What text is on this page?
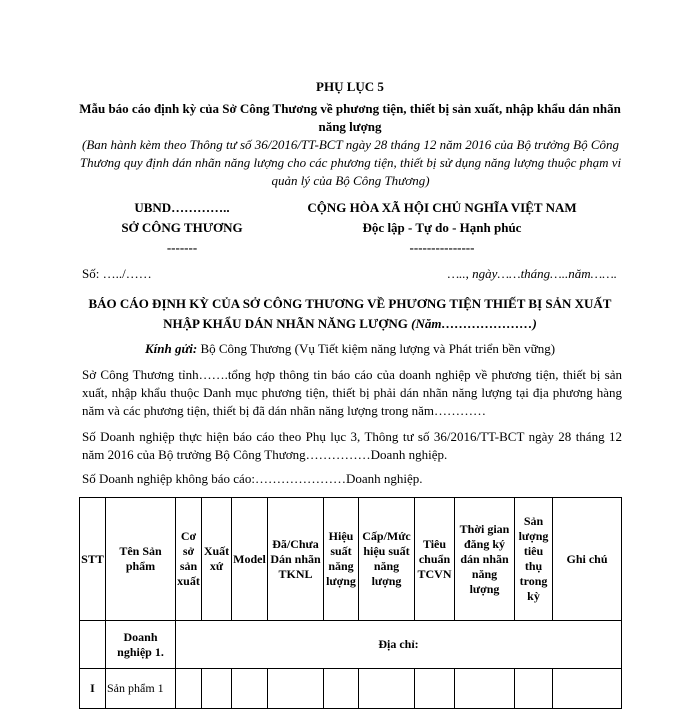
PHỤ LỤC 5
Mẫu báo cáo định kỳ của Sở Công Thương về phương tiện, thiết bị sản xuất, nhập khẩu dán nhãn năng lượng
(Ban hành kèm theo Thông tư số 36/2016/TT-BCT ngày 28 tháng 12 năm 2016 của Bộ trưởng Bộ Công Thương quy định dán nhãn năng lượng cho các phương tiện, thiết bị sử dụng năng lượng thuộc phạm vi quản lý của Bộ Công Thương)
UBND…………..
SỞ CÔNG THƯƠNG
-------
CỘNG HÒA XÃ HỘI CHỦ NGHĨA VIỆT NAM
Độc lập - Tự do - Hạnh phúc
---------------
Số: …../……	….., ngày……tháng…..năm…….
BÁO CÁO ĐỊNH KỲ CỦA SỞ CÔNG THƯƠNG VỀ PHƯƠNG TIỆN THIẾT BỊ SẢN XUẤT NHẬP KHẨU DÁN NHÃN NĂNG LƯỢNG (Năm…………………)
Kính gửi: Bộ Công Thương (Vụ Tiết kiệm năng lượng và Phát triển bền vững)
Sở Công Thương tỉnh…….tổng hợp thông tin báo cáo của doanh nghiệp về phương tiện, thiết bị sản xuất, nhập khẩu thuộc Danh mục phương tiện, thiết bị phải dán nhãn năng lượng tại địa phương hàng năm và các phương tiện, thiết bị đã dán nhãn năng lượng trong năm…………
Số Doanh nghiệp thực hiện báo cáo theo Phụ lục 3, Thông tư số 36/2016/TT-BCT ngày 28 tháng 12 năm 2016 của Bộ trưởng Bộ Công Thương……………Doanh nghiệp.
Số Doanh nghiệp không báo cáo:…………………Doanh nghiệp.
STT	Tên Sản phẩm	Cơ sở sản xuất	Xuất xứ	Model	Đã/Chưa Dán nhãn TKNL	Hiệu suất năng lượng	Cấp/Mức hiệu suất năng lượng	Tiêu chuẩn TCVN	Thời gian đăng ký dán nhãn năng lượng	Sản lượng tiêu thụ trong kỳ	Ghi chú
	Doanh nghiệp 1.	Địa chỉ:									
I	Sản phẩm 1										
